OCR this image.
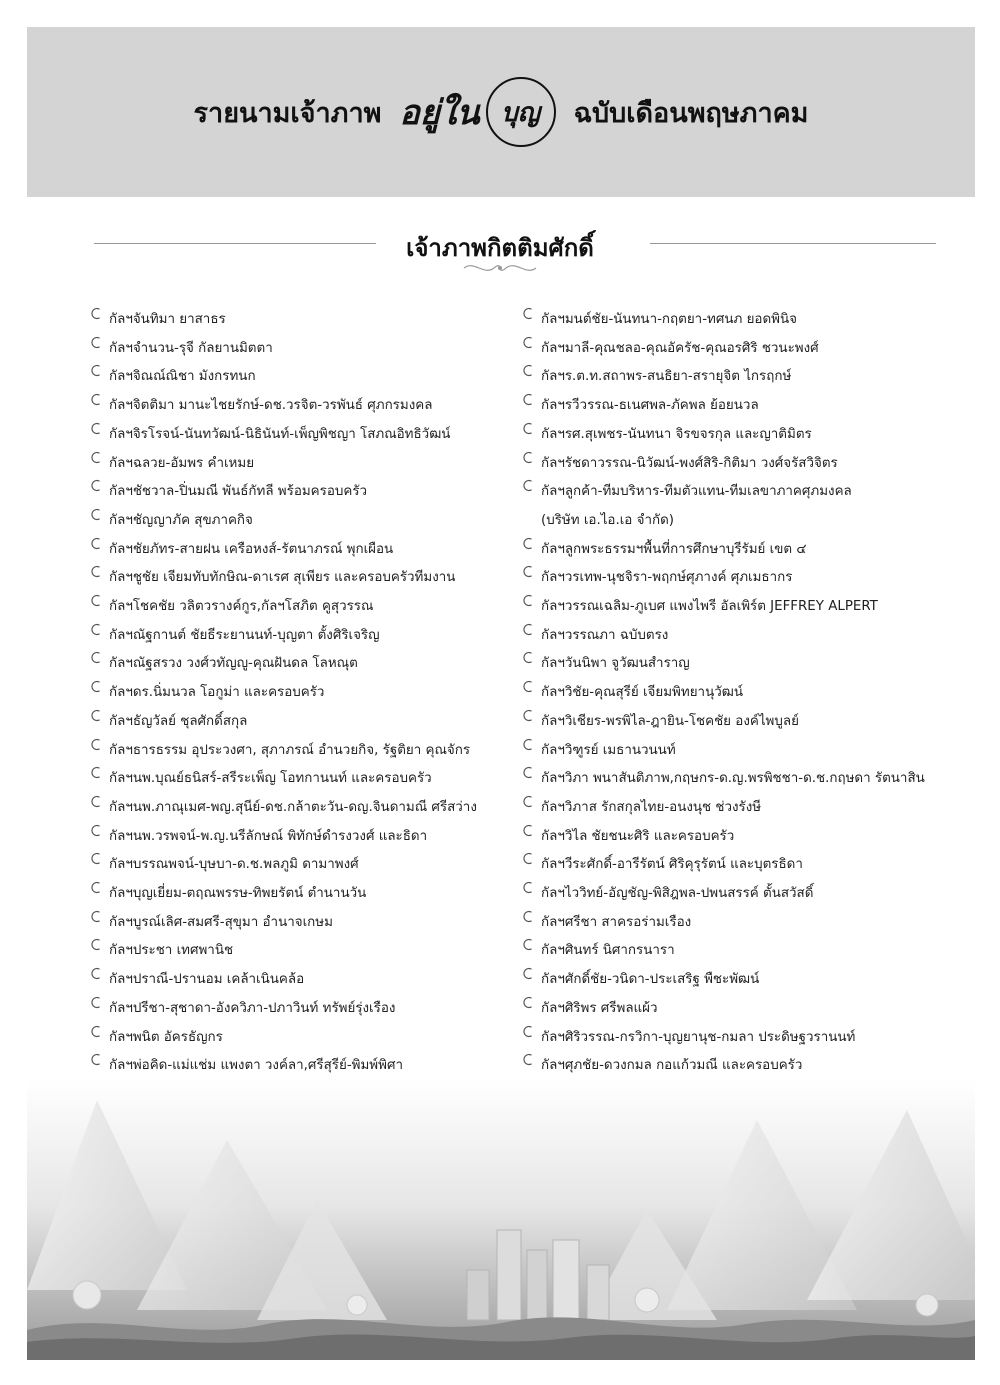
รายนามเจ้าภาพ อยู่ใน บุญ ฉบับเดือนพฤษภาคม
เจ้าภาพกิตติมศักดิ์
กัลฯจันทิมา ยาสาธร
กัลฯจำนวน-รุจี กัลยานมิตตา
กัลฯจิณณ์ณิชา มังกรทนก
กัลฯจิตติมา มานะไชยรักษ์-ดช.วรจิต-วรพันธ์ ศุภกรมงคล
กัลฯจิรโรจน์-นันทวัฒน์-นิธินันท์-เพ็ญพิชญา โสภณอิทธิวัฒน์
กัลฯฉลวย-อัมพร คำเหมย
กัลฯชัชวาล-ปิ่นมณี พันธ์กัทลี พร้อมครอบครัว
กัลฯชัญญาภัค สุขภาคกิจ
กัลฯชัยภัทร-สายฝน เครือหงส์-รัตนาภรณ์ พุกเผือน
กัลฯชูชัย เจียมทับทักษิณ-ดาเรศ สุเพียร และครอบครัวทีมงาน
กัลฯโชคชัย วลิตวรางค์กูร,กัลฯโสภิต คูสุวรรณ
กัลฯณัฐกานต์ ชัยธีระยานนท์-บุญตา ตั้งศิริเจริญ
กัลฯณัฐสรวง วงศ์วทัญญู-คุณฝันดล โลหณุต
กัลฯดร.นิ่มนวล โอกูม่า และครอบครัว
กัลฯธัญวัลย์ ชุลศักดิ์สกุล
กัลฯธารธรรม อุประวงศา, สุภาภรณ์ อำนวยกิจ, รัฐติยา คุณจักร
กัลฯนพ.บุณย์ธนิสร์-สรีระเพ็ญ โอทกานนท์ และครอบครัว
กัลฯนพ.ภาณุเมศ-พญ.สุนีย์-ดช.กล้าตะวัน-ดญ.จินดามณี ศรีสว่าง
กัลฯนพ.วรพจน์-พ.ญ.นรีลักษณ์ พิทักษ์ดำรงวงศ์ และธิดา
กัลฯบรรณพจน์-บุษบา-ด.ช.พลภูมิ ดามาพงศ์
กัลฯบุญเยี่ยม-ตฤณพรรษ-ทิพยรัตน์ ตำนานวัน
กัลฯบูรณ์เลิศ-สมศรี-สุขุมา อำนาจเกษม
กัลฯประชา เทศพานิช
กัลฯปราณี-ปรานอม เคล้าเนินคล้อ
กัลฯปรีชา-สุชาดา-อังควิภา-ปภาวินท์ ทรัพย์รุ่งเรือง
กัลฯพนิต อัครธัญกร
กัลฯพ่อคิด-แม่แช่ม แพงตา วงค์ลา,ศรีสุรีย์-พิมพ์พิศา
กัลฯมนต์ชัย-นันทนา-กฤตยา-ทศนภ ยอดพินิจ
กัลฯมาลี-คุณชลอ-คุณอัครัช-คุณอรศิริ ชวนะพงศ์
กัลฯร.ต.ท.สถาพร-สนธิยา-สรายุจิต ไกรฤกษ์
กัลฯรวีวรรณ-ธเนศพล-ภัคพล ย้อยนวล
กัลฯรศ.สุเพชร-นันทนา จิรขจรกุล และญาติมิตร
กัลฯรัชดาวรรณ-นิวัฒน์-พงศ์สิริ-กิติมา วงศ์จรัสวิจิตร
กัลฯลูกค้า-ทีมบริหาร-ทีมตัวแทน-ทีมเลขาภาคศุภมงคล
(บริษัท เอ.ไอ.เอ จำกัด)
กัลฯลูกพระธรรมฯพื้นที่การศึกษาบุรีรัมย์ เขต ๔
กัลฯวรเทพ-นุชจิรา-พฤกษ์ศุภางค์ ศุภเมธากร
กัลฯวรรณเฉลิม-ภูเบศ แพงไพรี อัลเพิร์ต JEFFREY ALPERT
กัลฯวรรณภา ฉบับตรง
กัลฯวันนิพา จูวัฒนสำราญ
กัลฯวิชัย-คุณสุรีย์ เจียมพิทยานุวัฒน์
กัลฯวิเชียร-พรพิไล-ฎายิน-โชคชัย องค์ไพบูลย์
กัลฯวิฑูรย์ เมธานวนนท์
กัลฯวิภา พนาสันติภาพ,กฤษกร-ด.ญ.พรพิชชา-ด.ช.กฤษดา รัตนาสิน
กัลฯวิภาส รักสกุลไทย-อนงนุช ช่วงรังษี
กัลฯวิไล ชัยชนะศิริ และครอบครัว
กัลฯวีระศักดิ์-อารีรัตน์ ศิริคุรุรัตน์ และบุตรธิดา
กัลฯไววิทย์-อัญชัญ-พิสิฎพล-ปพนสรรค์ ตั้นสวัสดิ์
กัลฯศรีชา สาครอร่ามเรือง
กัลฯศินทร์ นิศากรนารา
กัลฯศักดิ์ชัย-วนิดา-ประเสริฐ พืชะพัฒน์
กัลฯศิริพร ศรีพลแผ้ว
กัลฯศิริวรรณ-กรวิกา-บุญยานุช-กมลา ประดิษฐวรานนท์
กัลฯศุภชัย-ดวงกมล กอแก้วมณี และครอบครัว
